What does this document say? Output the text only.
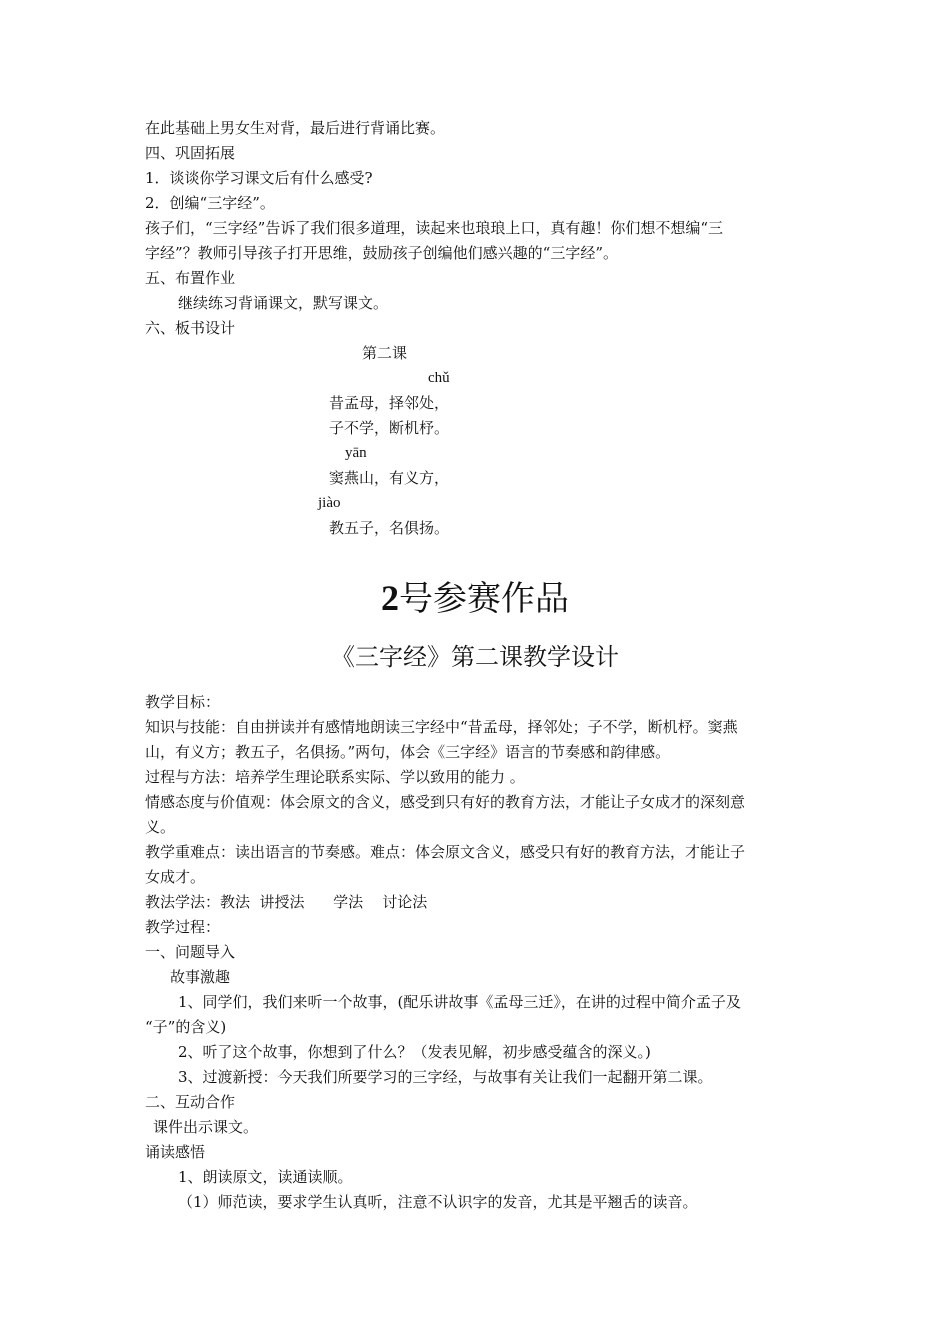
在此基础上男女生对背，最后进行背诵比赛。
四、巩固拓展
1．谈谈你学习课文后有什么感受?
2．创编“三字经”。
孩子们，“三字经”告诉了我们很多道理，读起来也琅琅上口，真有趣！你们想不想编“三
字经”？教师引导孩子打开思维，鼓励孩子创编他们感兴趣的“三字经”。
五、布置作业
继续练习背诵课文，默写课文。
六、板书设计
第二课
chǔ
昔孟母，择邻处，
子不学，断机杼。
yān
窦燕山，有义方，
jiào
教五子，名俱扬。
2号参赛作品
《三字经》第二课教学设计
教学目标：
知识与技能：自由拼读并有感情地朗读三字经中“昔孟母，择邻处；子不学，断机杼。窦燕
山，有义方；教五子，名俱扬。”两句，体会《三字经》语言的节奏感和韵律感。
过程与方法：培养学生理论联系实际、学以致用的能力 。
情感态度与价值观：体会原文的含义，感受到只有好的教育方法，才能让子女成才的深刻意
义。
教学重难点：读出语言的节奏感。难点：体会原文含义，感受只有好的教育方法，才能让子
女成才。
教法学法：教法  讲授法      学法    讨论法
教学过程：
一、问题导入
故事激趣
1、同学们，我们来听一个故事，(配乐讲故事《孟母三迁》，在讲的过程中简介孟子及
“子”的含义)
2、听了这个故事，你想到了什么？（发表见解，初步感受蕴含的深义。)
3、过渡新授：今天我们所要学习的三字经，与故事有关让我们一起翻开第二课。
二、互动合作
课件出示课文。
诵读感悟
1、朗读原文，读通读顺。
（1）师范读，要求学生认真听，注意不认识字的发音，尤其是平翘舌的读音。
